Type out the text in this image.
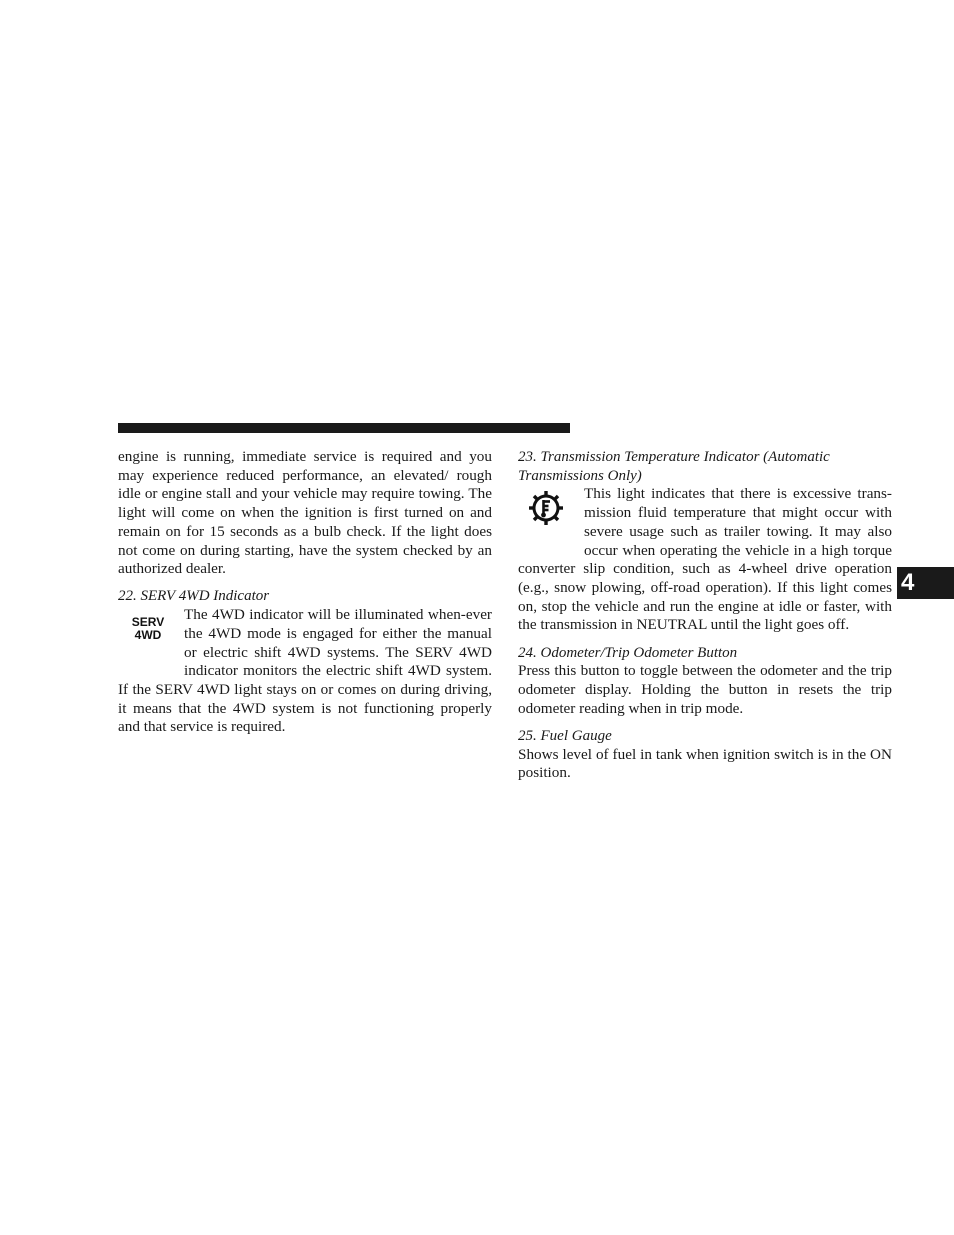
engine is running, immediate service is required and you may experience reduced performance, an elevated/ rough idle or engine stall and your vehicle may require towing. The light will come on when the ignition is first turned on and remain on for 15 seconds as a bulb check. If the light does not come on during starting, have the system checked by an authorized dealer.

22. SERV 4WD Indicator
SERV
4WD

The 4WD indicator will be illuminated when-ever the 4WD mode is engaged for either the manual or electric shift 4WD systems. The SERV 4WD indicator monitors the electric shift 4WD system. If the SERV 4WD light stays on or comes on during driving, it means that the 4WD system is not functioning properly and that service is required.

23. Transmission Temperature Indicator (Automatic Transmissions Only)

This light indicates that there is excessive trans-mission fluid temperature that might occur with severe usage such as trailer towing. It may also occur when operating the vehicle in a high torque converter slip condition, such as 4-wheel drive operation (e.g., snow plowing, off-road operation). If this light comes on, stop the vehicle and run the engine at idle or faster, with the transmission in NEUTRAL until the light goes off.

24. Odometer/Trip Odometer Button

Press this button to toggle between the odometer and the trip odometer display. Holding the button in resets the trip odometer reading when in trip mode.

25. Fuel Gauge

Shows level of fuel in tank when ignition switch is in the ON position.

4
